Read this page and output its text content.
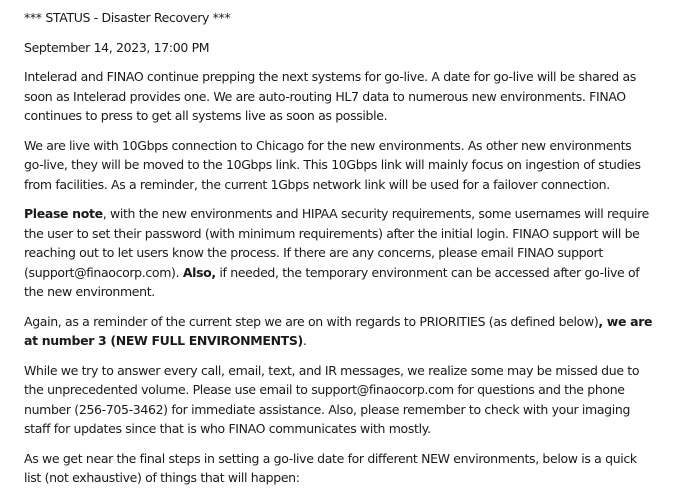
*** STATUS - Disaster Recovery ***

September 14, 2023, 17:00 PM

Intelerad and FINAO continue prepping the next systems for go-live. A date for go-live will be shared as soon as Intelerad provides one. We are auto-routing HL7 data to numerous new environments. FINAO continues to press to get all systems live as soon as possible.

We are live with 10Gbps connection to Chicago for the new environments. As other new environments go-live, they will be moved to the 10Gbps link. This 10Gbps link will mainly focus on ingestion of studies from facilities. As a reminder, the current 1Gbps network link will be used for a failover connection.

Please note, with the new environments and HIPAA security requirements, some usernames will require the user to set their password (with minimum requirements) after the initial login. FINAO support will be reaching out to let users know the process. If there are any concerns, please email FINAO support (support@finaocorp.com). Also, if needed, the temporary environment can be accessed after go-live of the new environment.

Again, as a reminder of the current step we are on with regards to PRIORITIES (as defined below), we are at number 3 (NEW FULL ENVIRONMENTS).

While we try to answer every call, email, text, and IR messages, we realize some may be missed due to the unprecedented volume. Please use email to support@finaocorp.com for questions and the phone number (256-705-3462) for immediate assistance. Also, please remember to check with your imaging staff for updates since that is who FINAO communicates with mostly.

As we get near the final steps in setting a go-live date for different NEW environments, below is a quick list (not exhaustive) of things that will happen:
